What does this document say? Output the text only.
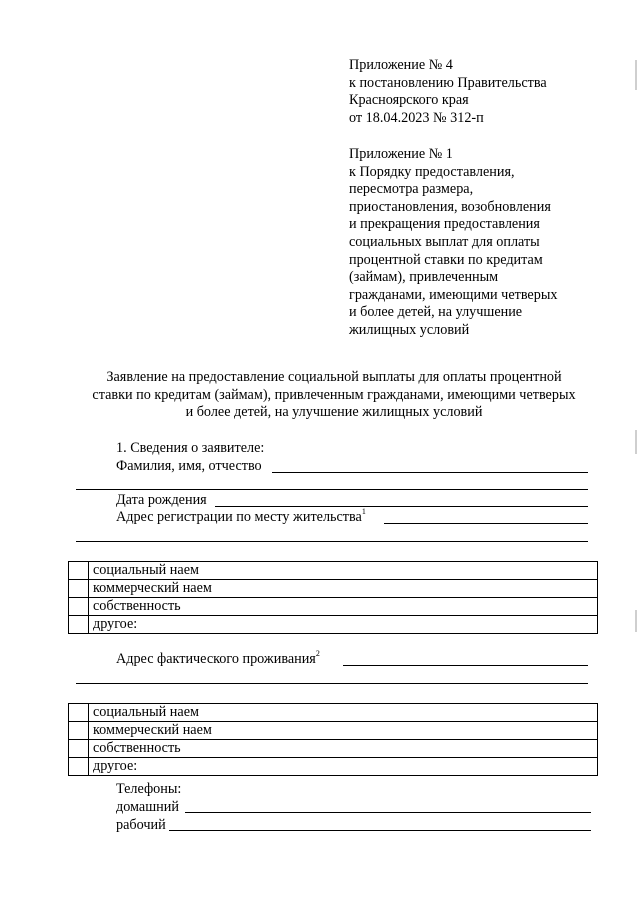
Приложение № 4
к постановлению Правительства
Красноярского края
от 18.04.2023 № 312-п
Приложение № 1
к Порядку предоставления,
пересмотра размера,
приостановления, возобновления
и прекращения предоставления
социальных выплат для оплаты
процентной ставки по кредитам
(займам), привлеченным
гражданами, имеющими четверых
и более детей, на улучшение
жилищных условий
Заявление на предоставление социальной выплаты для оплаты процентной
ставки по кредитам (займам), привлеченным гражданами, имеющими четверых
и более детей, на улучшение жилищных условий
1. Сведения о заявителе:
Фамилия, имя, отчество
Дата рождения
Адрес регистрации по месту жительства$^1$
	социальный наем
	коммерческий наем
	собственность
	другое:
Адрес фактического проживания$^2$
	социальный наем
	коммерческий наем
	собственность
	другое:
Телефоны:
домашний
рабочий
